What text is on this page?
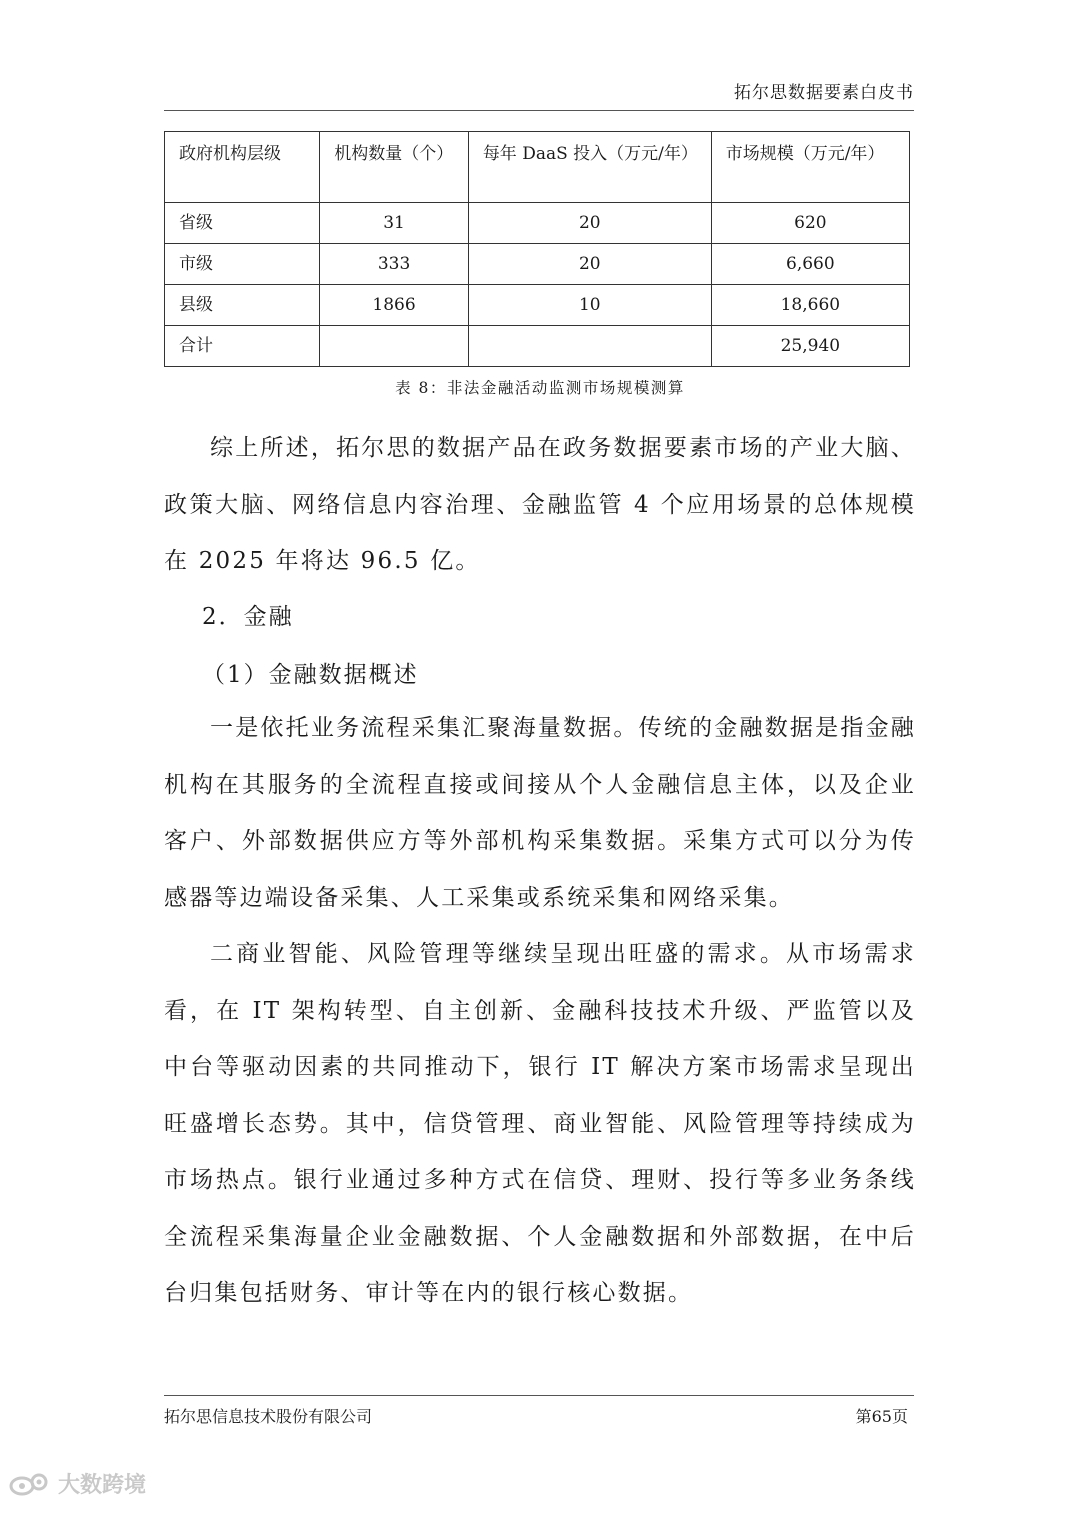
拓尔思数据要素白皮书
政府机构层级	机构数量（个）	每年 DaaS 投入（万元/年）	市场规模（万元/年）
省级	31	20	620
市级	333	20	6,660
县级	1866	10	18,660
合计			25,940
表 8：非法金融活动监测市场规模测算
综上所述，拓尔思的数据产品在政务数据要素市场的产业大脑、政策大脑、网络信息内容治理、金融监管 4 个应用场景的总体规模在 2025 年将达 96.5 亿。
2．金融
（1）金融数据概述
一是依托业务流程采集汇聚海量数据。传统的金融数据是指金融机构在其服务的全流程直接或间接从个人金融信息主体，以及企业客户、外部数据供应方等外部机构采集数据。采集方式可以分为传感器等边端设备采集、人工采集或系统采集和网络采集。
二商业智能、风险管理等继续呈现出旺盛的需求。从市场需求看，在 IT 架构转型、自主创新、金融科技技术升级、严监管以及中台等驱动因素的共同推动下，银行 IT 解决方案市场需求呈现出旺盛增长态势。其中，信贷管理、商业智能、风险管理等持续成为市场热点。银行业通过多种方式在信贷、理财、投行等多业务条线全流程采集海量企业金融数据、个人金融数据和外部数据，在中后台归集包括财务、审计等在内的银行核心数据。
拓尔思信息技术股份有限公司	第65页
大数跨境
